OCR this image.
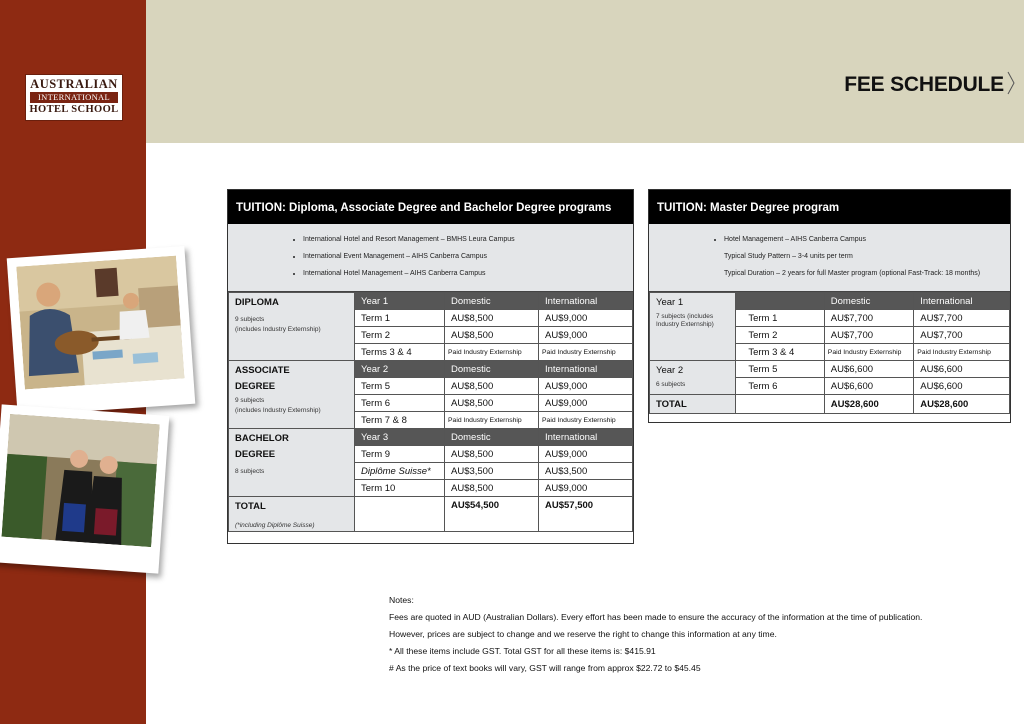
AUSTRALIAN
INTERNATIONAL
HOTEL SCHOOL
FEE SCHEDULE
TUITION: Diploma, Associate Degree and Bachelor Degree programs
• International Hotel and Resort Management – BMHS Leura Campus
• International Event Management – AIHS Canberra Campus
• International Hotel Management – AIHS Canberra Campus
DIPLOMA
9 subjects
(includes Industry Externship)	Year 1	Domestic	International
	Term 1	AU$8,500	AU$9,000
	Term 2	AU$8,500	AU$9,000
	Terms 3 & 4	Paid Industry Externship	Paid Industry Externship
ASSOCIATE
DEGREE
9 subjects
(includes Industry Externship)	Year 2	Domestic	International
	Term 5	AU$8,500	AU$9,000
	Term 6	AU$8,500	AU$9,000
	Term 7 & 8	Paid Industry Externship	Paid Industry Externship
BACHELOR
DEGREE
8 subjects	Year 3	Domestic	International
	Term 9	AU$8,500	AU$9,000
	Diplôme Suisse*	AU$3,500	AU$3,500
	Term 10	AU$8,500	AU$9,000
TOTAL
(*including Diplôme Suisse)		AU$54,500	AU$57,500
TUITION: Master Degree program
• Hotel Management – AIHS Canberra Campus
Typical Study Pattern – 3-4 units per term
Typical Duration – 2 years for full Master program (optional Fast-Track: 18 months)
Year 1
7 subjects (includes Industry Externship)		Domestic	International
	Term 1	AU$7,700	AU$7,700
	Term 2	AU$7,700	AU$7,700
	Term 3 & 4	Paid Industry Externship	Paid Industry Externship
Year 2
6 subjects	Term 5	AU$6,600	AU$6,600
	Term 6	AU$6,600	AU$6,600
TOTAL		AU$28,600	AU$28,600
Notes:
Fees are quoted in AUD (Australian Dollars). Every effort has been made to ensure the accuracy of the information at the time of publication.
However, prices are subject to change and we reserve the right to change this information at any time.
* All these items include GST. Total GST for all these items is: $415.91
# As the price of text books will vary, GST will range from approx $22.72 to $45.45
